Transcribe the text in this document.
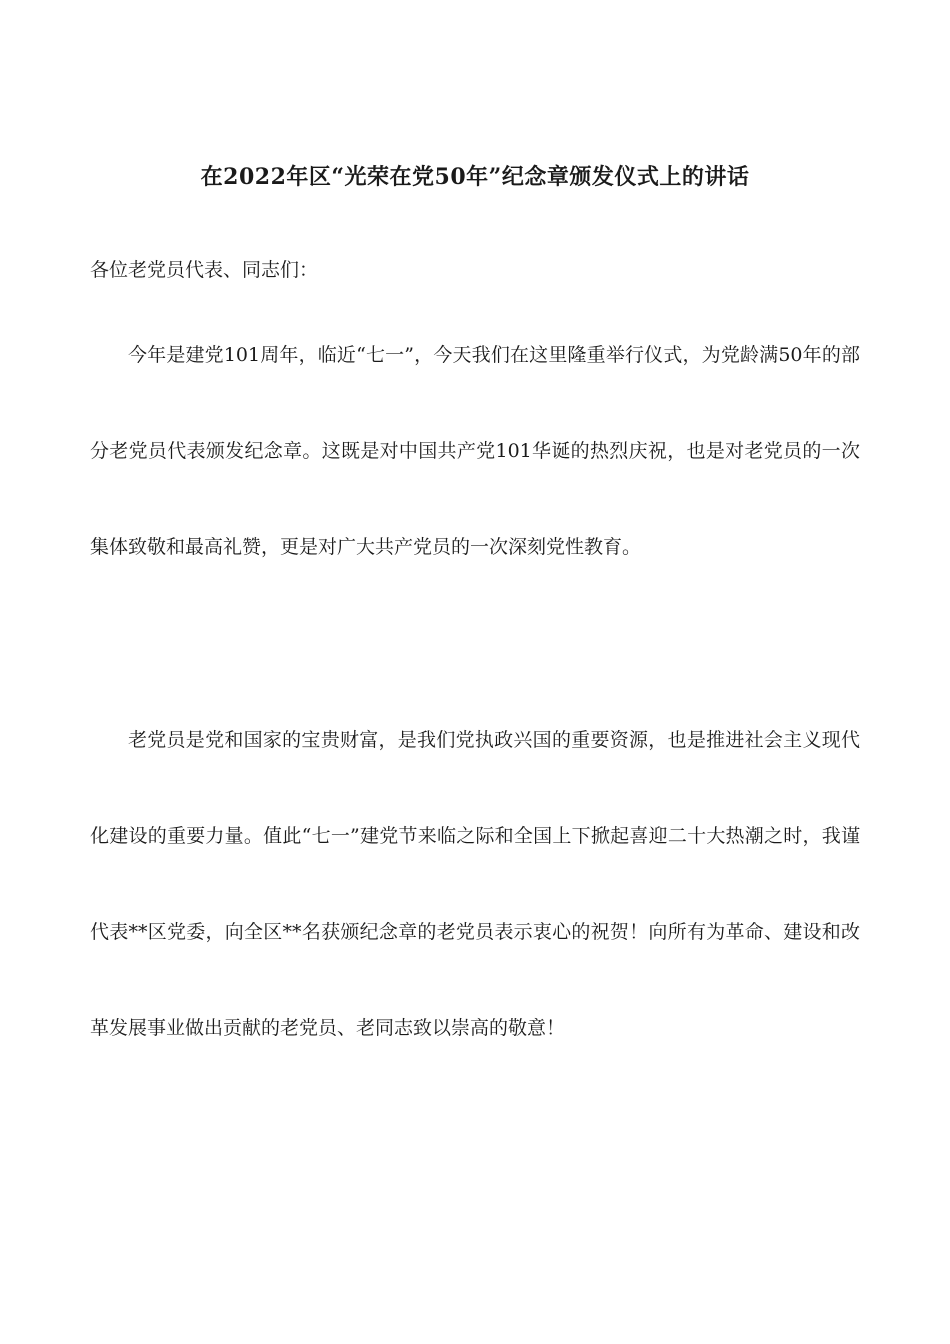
在2022年区“光荣在党50年”纪念章颁发仪式上的讲话
各位老党员代表、同志们：

今年是建党101周年，临近“七一”，今天我们在这里隆重举行仪式，为党龄满50年的部分老党员代表颁发纪念章。这既是对中国共产党101华诞的热烈庆祝，也是对老党员的一次集体致敬和最高礼赞，更是对广大共产党员的一次深刻党性教育。

老党员是党和国家的宝贵财富，是我们党执政兴国的重要资源，也是推进社会主义现代化建设的重要力量。值此“七一”建党节来临之际和全国上下掀起喜迎二十大热潮之时，我谨代表**区党委，向全区**名获颁纪念章的老党员表示衷心的祝贺！向所有为革命、建设和改革发展事业做出贡献的老党员、老同志致以崇高的敬意！
